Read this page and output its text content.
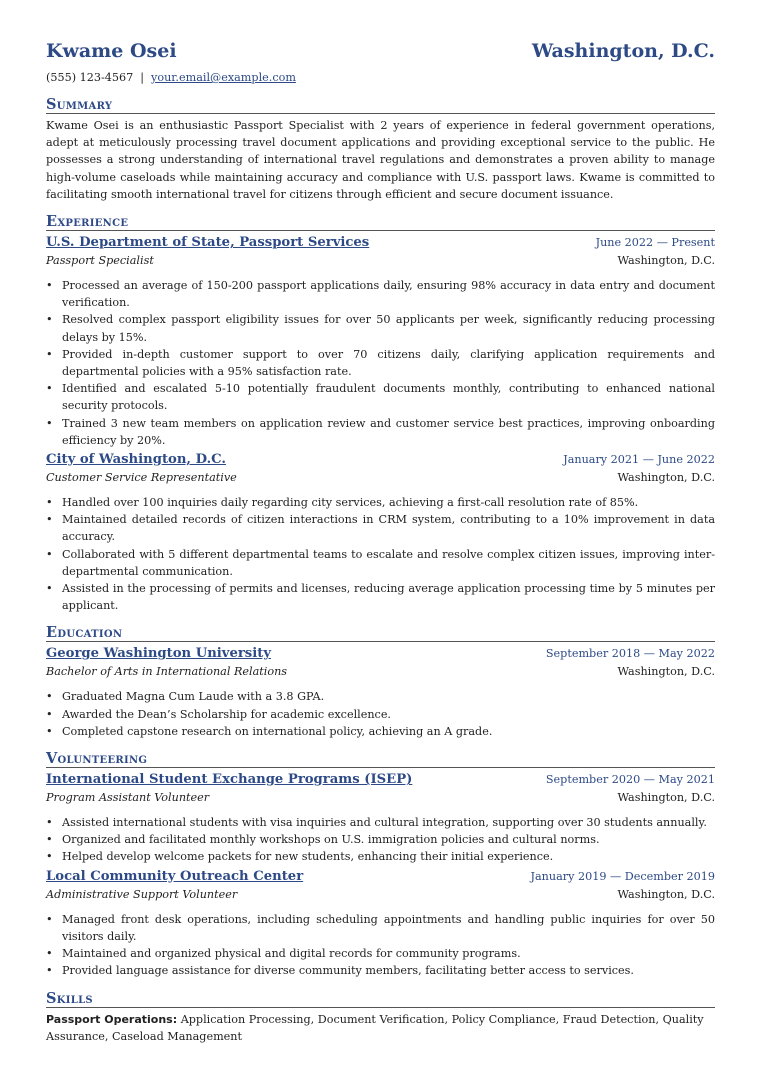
Kwame Osei	Washington, D.C.
(555) 123-4567 | your.email@example.com
Summary
Kwame Osei is an enthusiastic Passport Specialist with 2 years of experience in federal government operations, adept at meticulously processing travel document applications and providing exceptional service to the public. He possesses a strong understanding of international travel regulations and demonstrates a proven ability to manage high-volume caseloads while maintaining accuracy and compliance with U.S. passport laws. Kwame is committed to facilitating smooth international travel for citizens through efficient and secure document issuance.
Experience
U.S. Department of State, Passport Services	June 2022 — Present
Passport Specialist	Washington, D.C.
• Processed an average of 150-200 passport applications daily, ensuring 98% accuracy in data entry and document verification.
• Resolved complex passport eligibility issues for over 50 applicants per week, significantly reducing processing delays by 15%.
• Provided in-depth customer support to over 70 citizens daily, clarifying application requirements and departmental policies with a 95% satisfaction rate.
• Identified and escalated 5-10 potentially fraudulent documents monthly, contributing to enhanced national security protocols.
• Trained 3 new team members on application review and customer service best practices, improving onboarding efficiency by 20%.
City of Washington, D.C.	January 2021 — June 2022
Customer Service Representative	Washington, D.C.
• Handled over 100 inquiries daily regarding city services, achieving a first-call resolution rate of 85%.
• Maintained detailed records of citizen interactions in CRM system, contributing to a 10% improvement in data accuracy.
• Collaborated with 5 different departmental teams to escalate and resolve complex citizen issues, improving inter-departmental communication.
• Assisted in the processing of permits and licenses, reducing average application processing time by 5 minutes per applicant.
Education
George Washington University	September 2018 — May 2022
Bachelor of Arts in International Relations	Washington, D.C.
• Graduated Magna Cum Laude with a 3.8 GPA.
• Awarded the Dean’s Scholarship for academic excellence.
• Completed capstone research on international policy, achieving an A grade.
Volunteering
International Student Exchange Programs (ISEP)	September 2020 — May 2021
Program Assistant Volunteer	Washington, D.C.
• Assisted international students with visa inquiries and cultural integration, supporting over 30 students annually.
• Organized and facilitated monthly workshops on U.S. immigration policies and cultural norms.
• Helped develop welcome packets for new students, enhancing their initial experience.
Local Community Outreach Center	January 2019 — December 2019
Administrative Support Volunteer	Washington, D.C.
• Managed front desk operations, including scheduling appointments and handling public inquiries for over 50 visitors daily.
• Maintained and organized physical and digital records for community programs.
• Provided language assistance for diverse community members, facilitating better access to services.
Skills
Passport Operations: Application Processing, Document Verification, Policy Compliance, Fraud Detection, Quality Assurance, Caseload Management
